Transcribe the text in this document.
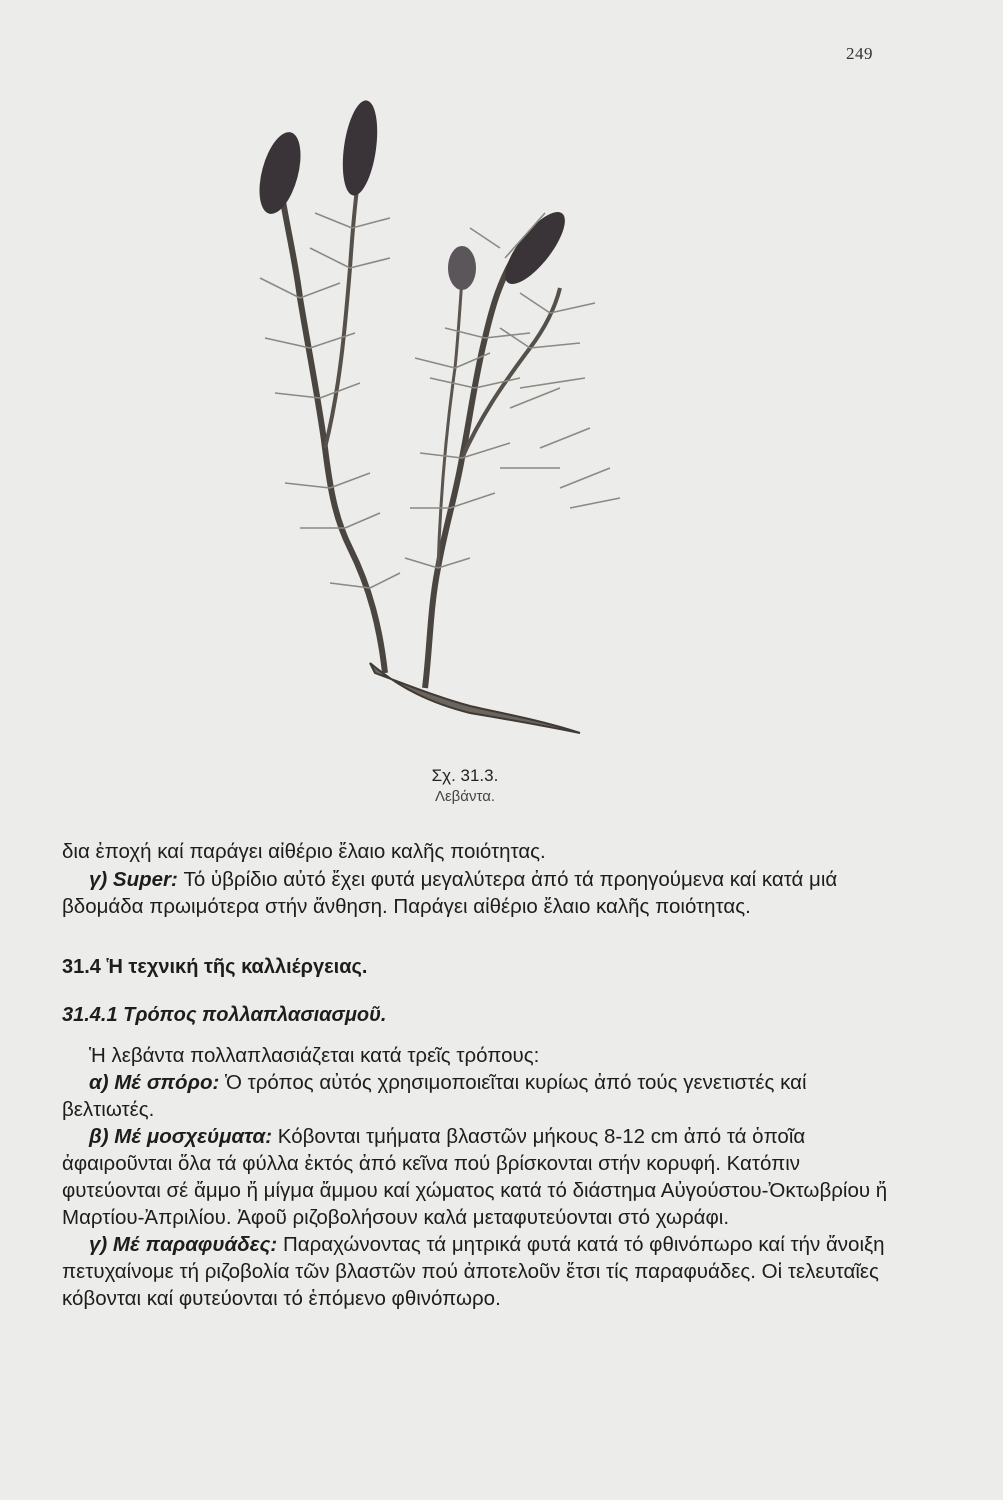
249
Σχ. 31.3.
Λεβάντα.

δια ἐποχή καί παράγει αἰθέριο ἔλαιο καλῆς ποιότητας.

γ) Super: Τό ὑβρίδιο αὐτό ἔχει φυτά μεγαλύτερα ἀπό τά προηγούμενα καί κατά μιά βδομάδα πρωιμότερα στήν ἄνθηση. Παράγει αἰθέριο ἔλαιο καλῆς ποιότητας.

31.4 Ἡ τεχνική τῆς καλλιέργειας.
31.4.1 Τρόπος πολλαπλασιασμοῦ.

Ἡ λεβάντα πολλαπλασιάζεται κατά τρεῖς τρόπους:

α) Μέ σπόρο: Ὁ τρόπος αὐτός χρησιμοποιεῖται κυρίως ἀπό τούς γενετιστές καί βελτιωτές.

β) Μέ μοσχεύματα: Κόβονται τμήματα βλαστῶν μήκους 8-12 cm ἀπό τά ὁποῖα ἀφαιροῦνται ὅλα τά φύλλα ἐκτός ἀπό κεῖνα πού βρίσκονται στήν κορυφή. Κατόπιν φυτεύονται σέ ἄμμο ἤ μίγμα ἄμμου καί χώματος κατά τό διάστημα Αὐγούστου-Ὀκτωβρίου ἤ Μαρτίου-Ἀπριλίου. Ἀφοῦ ριζοβολήσουν καλά μεταφυτεύονται στό χωράφι.

γ) Μέ παραφυάδες: Παραχώνοντας τά μητρικά φυτά κατά τό φθινόπωρο καί τήν ἄνοιξη πετυχαίνομε τή ριζοβολία τῶν βλαστῶν πού ἀποτελοῦν ἔτσι τίς παραφυάδες. Οἱ τελευταῖες κόβονται καί φυτεύονται τό ἑπόμενο φθινόπωρο.
